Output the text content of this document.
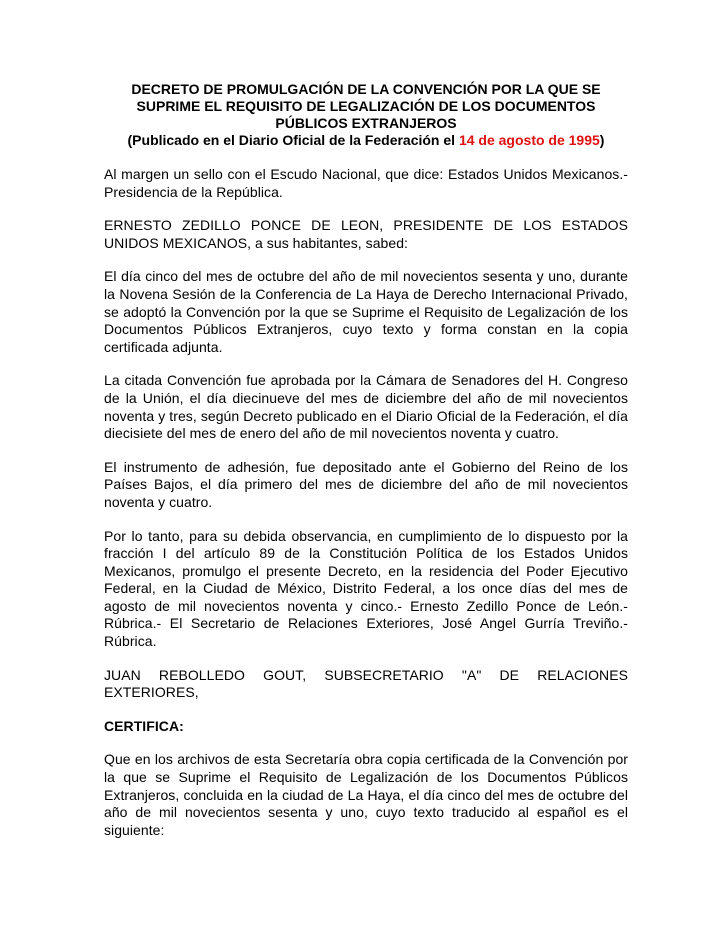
DECRETO DE PROMULGACIÓN DE LA CONVENCIÓN POR LA QUE SE
SUPRIME EL REQUISITO DE LEGALIZACIÓN DE LOS DOCUMENTOS
PÚBLICOS EXTRANJEROS
(Publicado en el Diario Oficial de la Federación el 14 de agosto de 1995)

Al margen un sello con el Escudo Nacional, que dice: Estados Unidos Mexicanos.- Presidencia de la República.

ERNESTO ZEDILLO PONCE DE LEON, PRESIDENTE DE LOS ESTADOS UNIDOS MEXICANOS, a sus habitantes, sabed:

El día cinco del mes de octubre del año de mil novecientos sesenta y uno, durante la Novena Sesión de la Conferencia de La Haya de Derecho Internacional Privado, se adoptó la Convención por la que se Suprime el Requisito de Legalización de los Documentos Públicos Extranjeros, cuyo texto y forma constan en la copia certificada adjunta.

La citada Convención fue aprobada por la Cámara de Senadores del H. Congreso de la Unión, el día diecinueve del mes de diciembre del año de mil novecientos noventa y tres, según Decreto publicado en el Diario Oficial de la Federación, el día diecisiete del mes de enero del año de mil novecientos noventa y cuatro.

El instrumento de adhesión, fue depositado ante el Gobierno del Reino de los Países Bajos, el día primero del mes de diciembre del año de mil novecientos noventa y cuatro.

Por lo tanto, para su debida observancia, en cumplimiento de lo dispuesto por la fracción I del artículo 89 de la Constitución Política de los Estados Unidos Mexicanos, promulgo el presente Decreto, en la residencia del Poder Ejecutivo Federal, en la Ciudad de México, Distrito Federal, a los once días del mes de agosto de mil novecientos noventa y cinco.- Ernesto Zedillo Ponce de León.- Rúbrica.- El Secretario de Relaciones Exteriores, José Angel Gurría Treviño.- Rúbrica.

JUAN REBOLLEDO GOUT, SUBSECRETARIO "A" DE RELACIONES EXTERIORES,

CERTIFICA:

Que en los archivos de esta Secretaría obra copia certificada de la Convención por la que se Suprime el Requisito de Legalización de los Documentos Públicos Extranjeros, concluida en la ciudad de La Haya, el día cinco del mes de octubre del año de mil novecientos sesenta y uno, cuyo texto traducido al español es el siguiente:
